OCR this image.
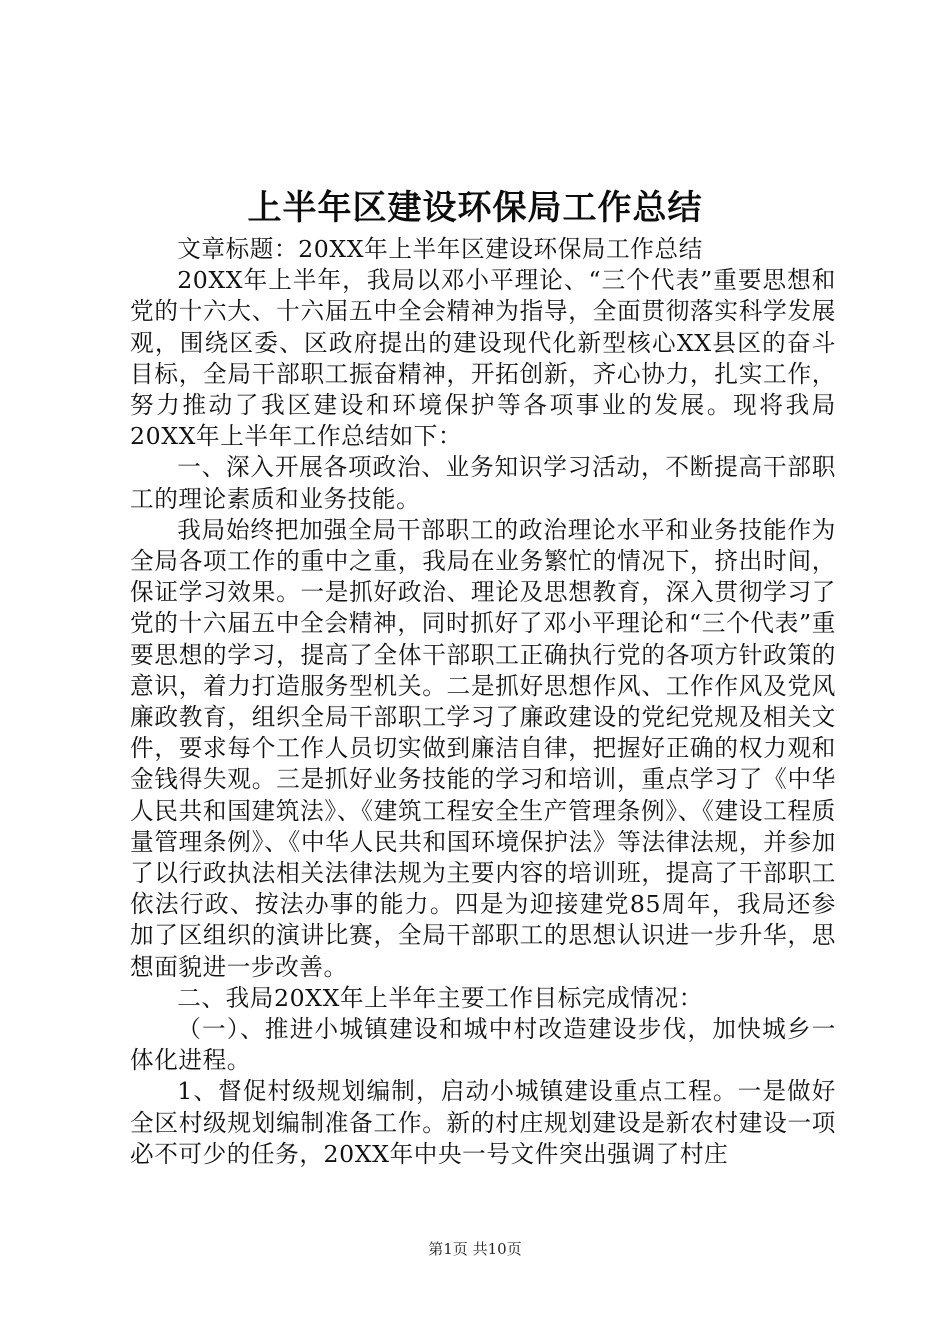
上半年区建设环保局工作总结

文章标题：20XX年上半年区建设环保局工作总结

20XX年上半年，我局以邓小平理论、“三个代表”重要思想和党的十六大、十六届五中全会精神为指导，全面贯彻落实科学发展观，围绕区委、区政府提出的建设现代化新型核心XX县区的奋斗目标，全局干部职工振奋精神，开拓创新，齐心协力，扎实工作，努力推动了我区建设和环境保护等各项事业的发展。现将我局20XX年上半年工作总结如下：

一、深入开展各项政治、业务知识学习活动，不断提高干部职工的理论素质和业务技能。

我局始终把加强全局干部职工的政治理论水平和业务技能作为全局各项工作的重中之重，我局在业务繁忙的情况下，挤出时间，保证学习效果。一是抓好政治、理论及思想教育，深入贯彻学习了党的十六届五中全会精神，同时抓好了邓小平理论和“三个代表”重要思想的学习，提高了全体干部职工正确执行党的各项方针政策的意识，着力打造服务型机关。二是抓好思想作风、工作作风及党风廉政教育，组织全局干部职工学习了廉政建设的党纪党规及相关文件，要求每个工作人员切实做到廉洁自律，把握好正确的权力观和金钱得失观。三是抓好业务技能的学习和培训，重点学习了《中华人民共和国建筑法》、《建筑工程安全生产管理条例》、《建设工程质量管理条例》、《中华人民共和国环境保护法》等法律法规，并参加了以行政执法相关法律法规为主要内容的培训班，提高了干部职工依法行政、按法办事的能力。四是为迎接建党85周年，我局还参加了区组织的演讲比赛，全局干部职工的思想认识进一步升华，思想面貌进一步改善。

二、我局20XX年上半年主要工作目标完成情况：

（一）、推进小城镇建设和城中村改造建设步伐，加快城乡一体化进程。

1、督促村级规划编制，启动小城镇建设重点工程。一是做好全区村级规划编制准备工作。新的村庄规划建设是新农村建设一项必不可少的任务，20XX年中央一号文件突出强调了村庄

第1页 共10页
